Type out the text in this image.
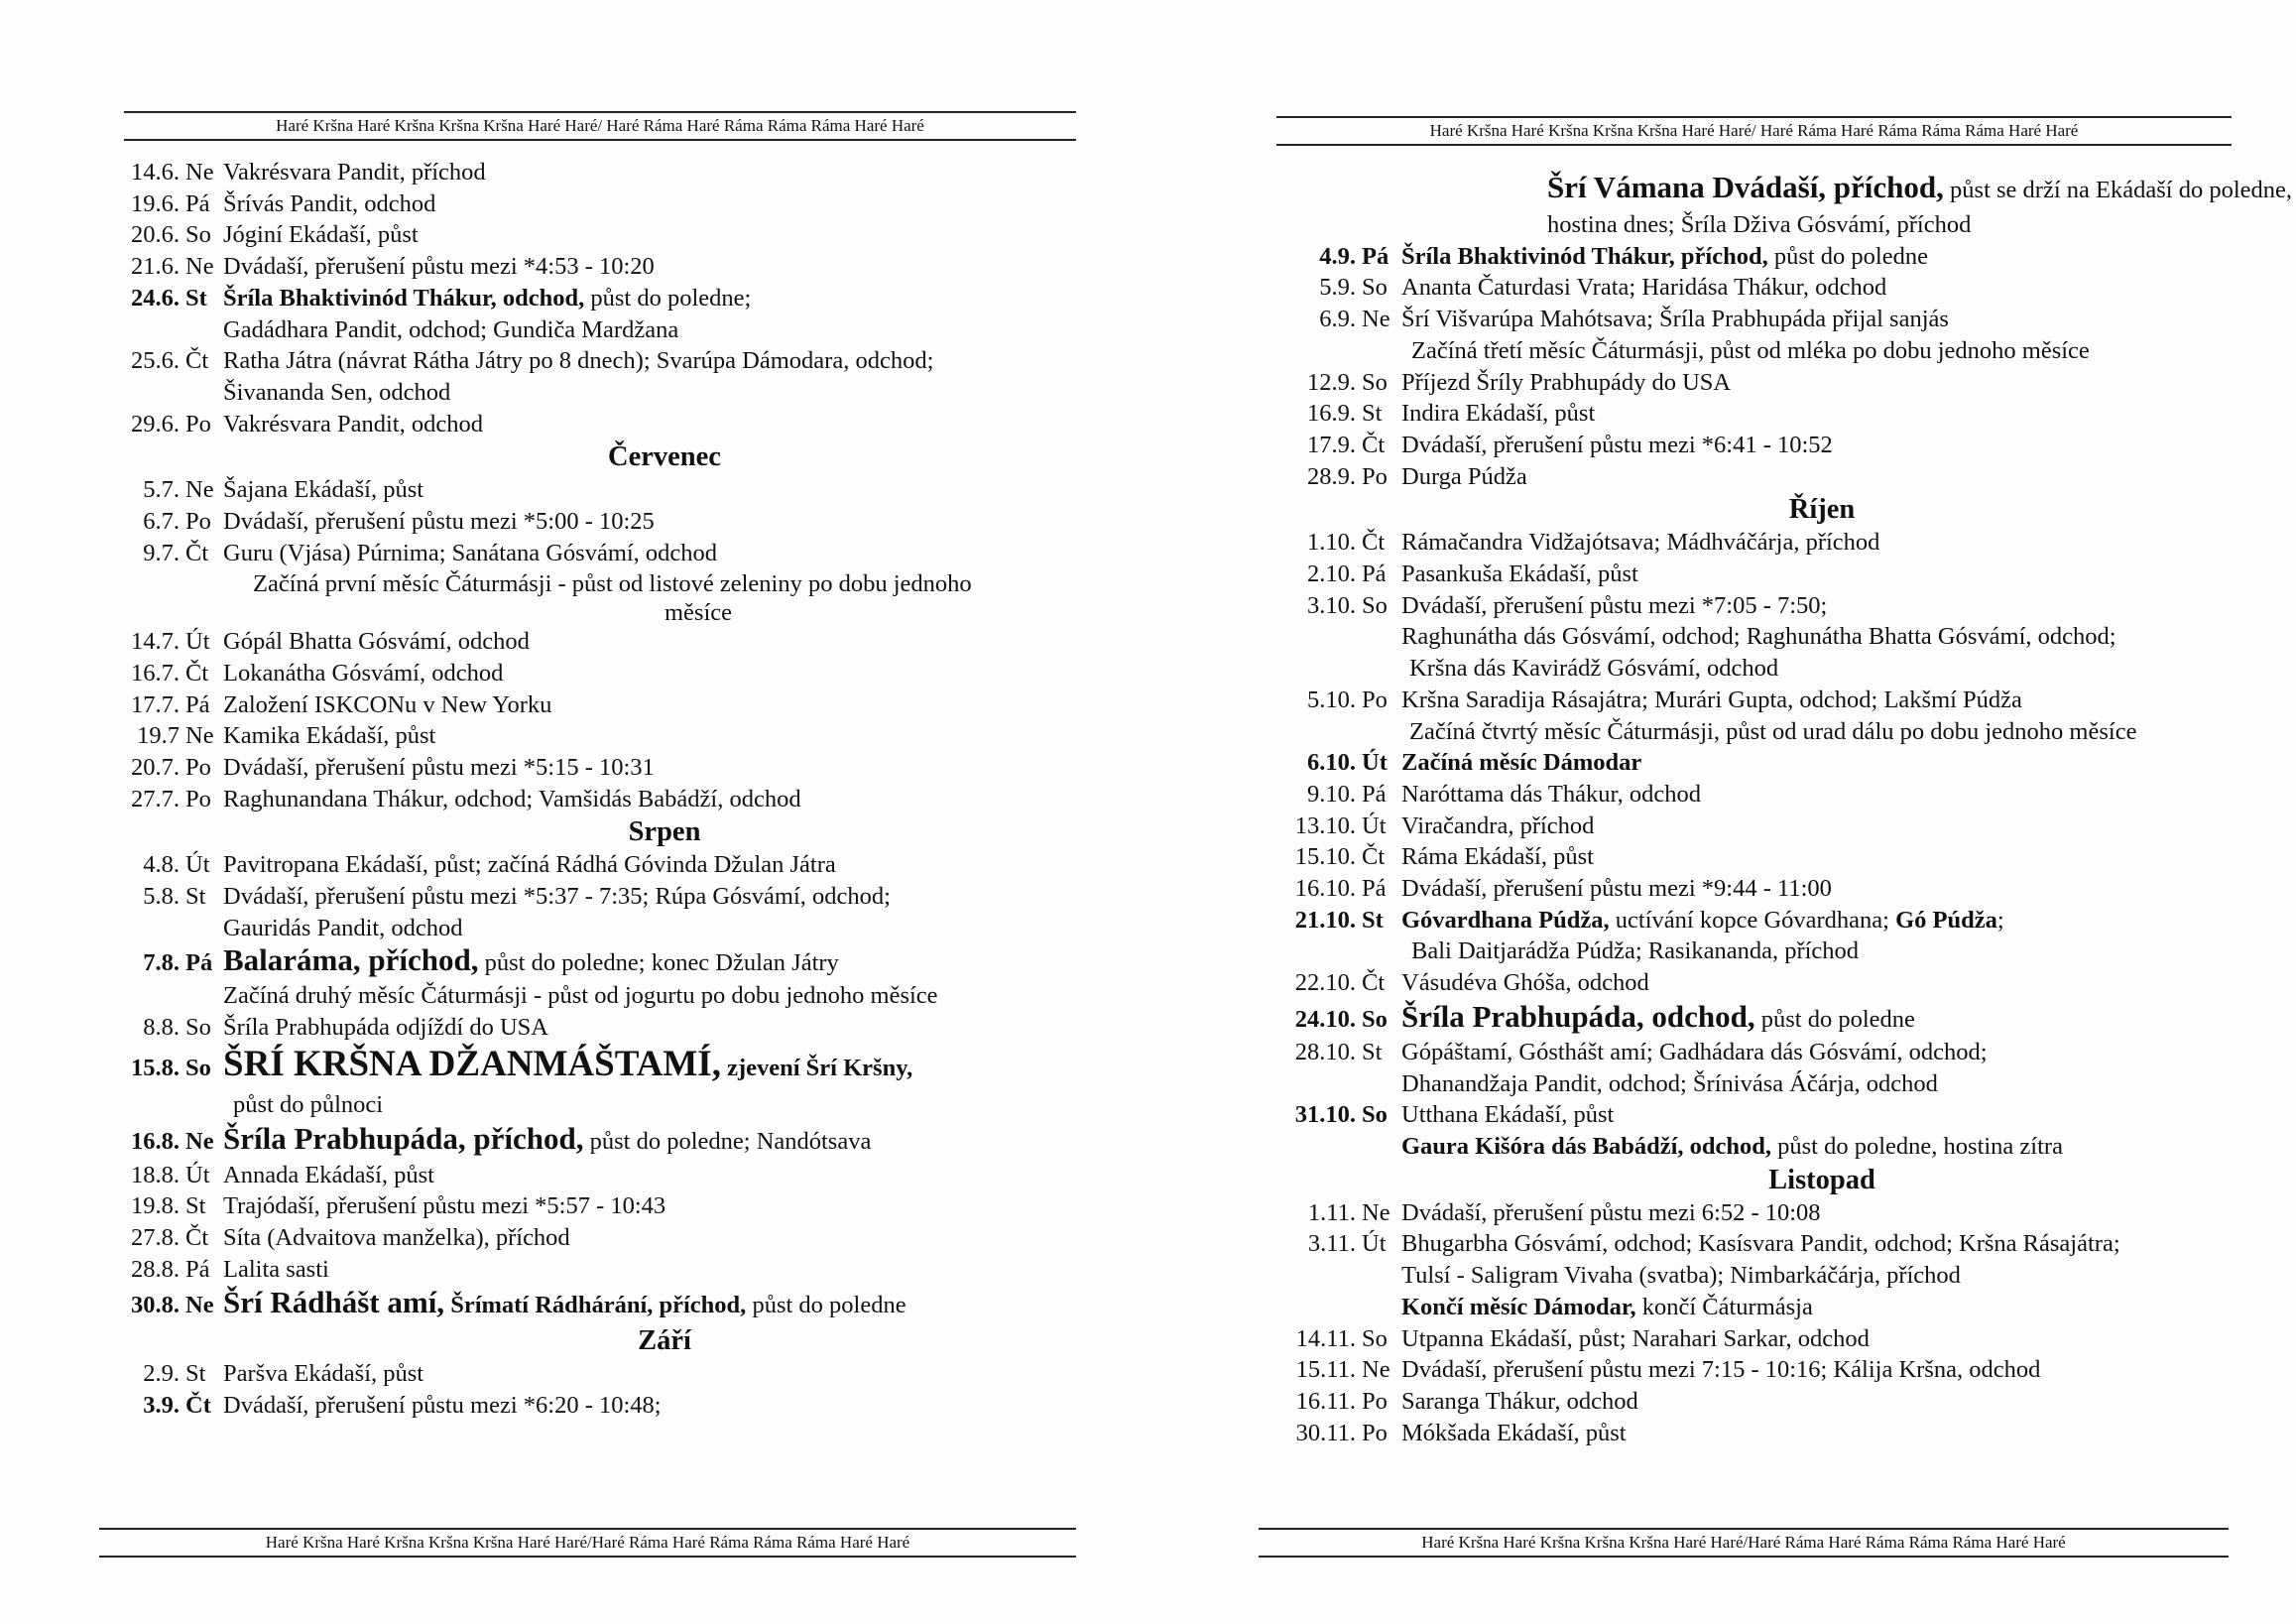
Haré Kršna Haré Kršna Kršna Kršna Haré Haré/ Haré Ráma Haré Ráma Ráma Ráma Haré Haré
14.6. Ne Vakrésvara Pandit, příchod
19.6. Pá Šrívás Pandit, odchod
20.6. So Jóginí Ekádaší, půst
21.6. Ne Dvádaší, přerušení půstu mezi *4:53 - 10:20
24.6. St Šríla Bhaktivinód Thákur, odchod, půst do poledne;
Gadádhara Pandit, odchod; Gundiča Mardžana
25.6. Čt Ratha Játra (návrat Rátha Játry po 8 dnech); Svarúpa Dámodara, odchod;
Šivananda Sen, odchod
29.6. Po Vakrésvara Pandit, odchod
Červenec
5.7. Ne Šajana Ekádaší, půst
6.7. Po Dvádaší, přerušení půstu mezi *5:00 - 10:25
9.7. Čt Guru (Vjása) Púrnima; Sanátana Gósvámí, odchod
Začíná první měsíc Čáturmásji - půst od listové zeleniny po dobu jednoho
měsíce
14.7. Út Gópál Bhatta Gósvámí, odchod
16.7. Čt Lokanátha Gósvámí, odchod
17.7. Pá Založení ISKCONu v New Yorku
19.7 Ne Kamika Ekádaší, půst
20.7. Po Dvádaší, přerušení půstu mezi *5:15 - 10:31
27.7. Po Raghunandana Thákur, odchod; Vamšidás Babádží, odchod
Srpen
4.8. Út Pavitropana Ekádaší, půst; začíná Rádhá Góvinda Džulan Játra
5.8. St Dvádaší, přerušení půstu mezi *5:37 - 7:35; Rúpa Gósvámí, odchod;
Gauridás Pandit, odchod
7.8. Pá Balaráma, příchod, půst do poledne; konec Džulan Játry
Začíná druhý měsíc Čáturmásji - půst od jogurtu po dobu jednoho měsíce
8.8. So Šríla Prabhupáda odjíždí do USA
15.8. So ŠRÍ KRŠNA DŽANMÁŠTAMÍ, zjevení Šrí Kršny,
půst do půlnoci
16.8. Ne Šríla Prabhupáda, příchod, půst do poledne; Nandótsava
18.8. Út Annada Ekádaší, půst
19.8. St Trajódaší, přerušení půstu mezi *5:57 - 10:43
27.8. Čt Síta (Advaitova manželka), příchod
28.8. Pá Lalita sasti
30.8. Ne Šrí Rádhášt amí, Šrímatí Rádhárání, příchod, půst do poledne
Září
2.9. St Paršva Ekádaší, půst
3.9. Čt Dvádaší, přerušení půstu mezi *6:20 - 10:48;
Haré Kršna Haré Kršna Kršna Kršna Haré Haré/Haré Ráma Haré Ráma Ráma Ráma Haré Haré
Haré Kršna Haré Kršna Kršna Kršna Haré Haré/ Haré Ráma Haré Ráma Ráma Ráma Haré Haré
Šrí Vámana Dvádaší, příchod, půst se drží na Ekádaší do poledne,
hostina dnes; Šríla Dživa Gósvámí, příchod
4.9. Pá Šríla Bhaktivinód Thákur, příchod, půst do poledne
5.9. So Ananta Čaturdasi Vrata; Haridása Thákur, odchod
6.9. Ne Šrí Višvarúpa Mahótsava; Šríla Prabhupáda přijal sanjás
Začíná třetí měsíc Čáturmásji, půst od mléka po dobu jednoho měsíce
12.9. So Příjezd Šríly Prabhupády do USA
16.9. St Indira Ekádaší, půst
17.9. Čt Dvádaší, přerušení půstu mezi *6:41 - 10:52
28.9. Po Durga Púdža
Říjen
1.10. Čt Rámačandra Vidžajótsava; Mádhváčárja, příchod
2.10. Pá Pasankuša Ekádaší, půst
3.10. So Dvádaší, přerušení půstu mezi *7:05 - 7:50;
Raghunátha dás Gósvámí, odchod; Raghunátha Bhatta Gósvámí, odchod;
Kršna dás Kavirádž Gósvámí, odchod
5.10. Po Kršna Saradija Rásajátra; Murári Gupta, odchod; Lakšmí Púdža
Začíná čtvrtý měsíc Čáturmásji, půst od urad dálu po dobu jednoho měsíce
6.10. Út Začíná měsíc Dámodar
9.10. Pá Naróttama dás Thákur, odchod
13.10. Út Viračandra, příchod
15.10. Čt Ráma Ekádaší, půst
16.10. Pá Dvádaší, přerušení půstu mezi *9:44 - 11:00
21.10. St Góvardhana Púdža, uctívání kopce Góvardhana; Gó Púdža;
Bali Daitjarádža Púdža; Rasikananda, příchod
22.10. Čt Vásudéva Ghóša, odchod
24.10. So Šríla Prabhupáda, odchod, půst do poledne
28.10. St Gópáštamí, Gósthášt amí; Gadhádara dás Gósvámí, odchod;
Dhanandžaja Pandit, odchod; Šrínivása Áčárja, odchod
31.10. So Utthana Ekádaší, půst
Gaura Kišóra dás Babádží, odchod, půst do poledne, hostina zítra
Listopad
1.11. Ne Dvádaší, přerušení půstu mezi 6:52 - 10:08
3.11. Út Bhugarbha Gósvámí, odchod; Kasísvara Pandit, odchod; Kršna Rásajátra;
Tulsí - Saligram Vivaha (svatba); Nimbarkáčárja, příchod
Končí měsíc Dámodar, končí Čáturmásja
14.11. So Utpanna Ekádaší, půst; Narahari Sarkar, odchod
15.11. Ne Dvádaší, přerušení půstu mezi 7:15 - 10:16; Kálija Kršna, odchod
16.11. Po Saranga Thákur, odchod
30.11. Po Mókšada Ekádaší, půst
Haré Kršna Haré Kršna Kršna Kršna Haré Haré/Haré Ráma Haré Ráma Ráma Ráma Haré Haré
